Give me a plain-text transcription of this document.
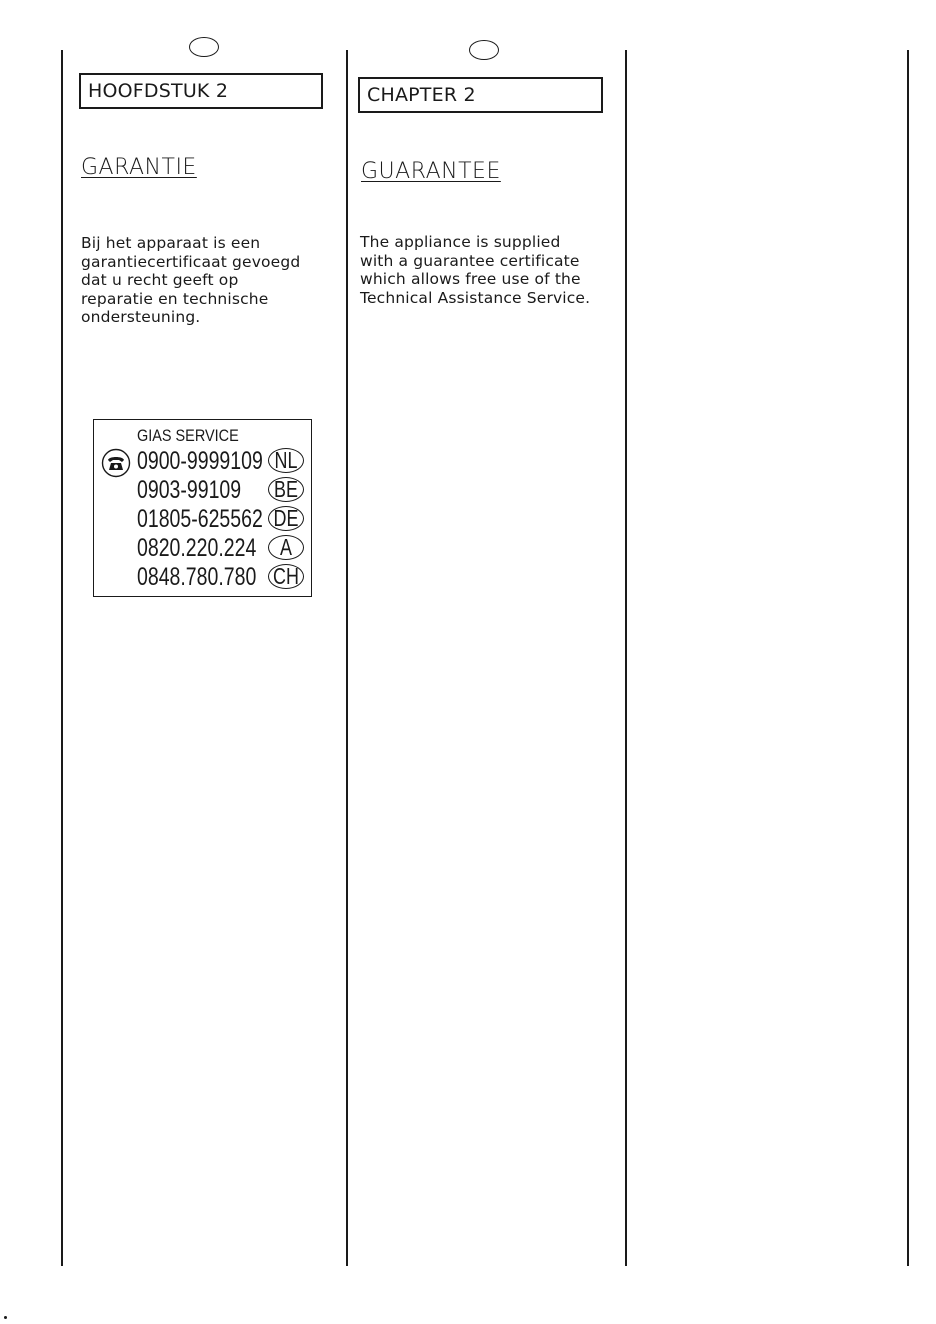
HOOFDSTUK 2
GARANTIE
Bij het apparaat is een
garantiecertificaat gevoegd
dat u recht geeft op
reparatie en technische
ondersteuning.
CHAPTER 2
GUARANTEE
The appliance is supplied
with a guarantee certificate
which allows free use of the
Technical Assistance Service.
GIAS SERVICE
0900-9999109 NL
0903-99109 BE
01805-625562 DE
0820.220.224	A
0848.780.780 CH
